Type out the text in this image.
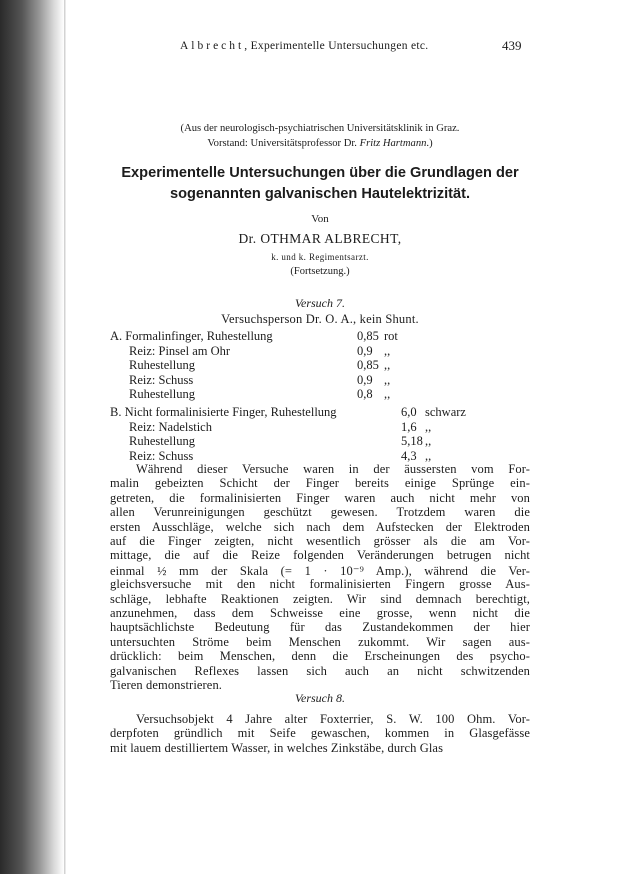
Albrecht, Experimentelle Untersuchungen etc.	439
(Aus der neurologisch-psychiatrischen Universitätsklinik in Graz.
Vorstand: Universitätsprofessor Dr. Fritz Hartmann.)
Experimentelle Untersuchungen über die Grundlagen der
sogenannten galvanischen Hautelektrizität.
Von
Dr. OTHMAR ALBRECHT,
k. und k. Regimentsarzt.
(Fortsetzung.)
Versuch 7.
Versuchsperson Dr. O. A., kein Shunt.
A. Formalinfinger, Ruhestellung	0,85 rot
Reiz: Pinsel am Ohr	0,9 ,,
Ruhestellung	0,85 ,,
Reiz: Schuss	0,9 ,,
Ruhestellung	0,8 ,,
B. Nicht formalinisierte Finger, Ruhestellung	6,0 schwarz
Reiz: Nadelstich	1,6 ,,
Ruhestellung	5,18 ,,
Reiz: Schuss	4,3 ,,
Während dieser Versuche waren in der äussersten vom For-
malin gebeizten Schicht der Finger bereits einige Sprünge ein-
getreten, die formalinisierten Finger waren auch nicht mehr von
allen Verunreinigungen geschützt gewesen. Trotzdem waren die
ersten Ausschläge, welche sich nach dem Aufstecken der Elektroden
auf die Finger zeigten, nicht wesentlich grösser als die am Vor-
mittage, die auf die Reize folgenden Veränderungen betrugen nicht
einmal ½ mm der Skala (= 1 · 10⁻⁹ Amp.), während die Ver-
gleichsversuche mit den nicht formalinisierten Fingern grosse Aus-
schläge, lebhafte Reaktionen zeigten. Wir sind demnach berechtigt,
anzunehmen, dass dem Schweisse eine grosse, wenn nicht die
hauptsächlichste Bedeutung für das Zustandekommen der hier
untersuchten Ströme beim Menschen zukommt. Wir sagen aus-
drücklich: beim Menschen, denn die Erscheinungen des psycho-
galvanischen Reflexes lassen sich auch an nicht schwitzenden
Tieren demonstrieren.
Versuch 8.
Versuchsobjekt 4 Jahre alter Foxterrier, S. W. 100 Ohm. Vor-
derpfoten gründlich mit Seife gewaschen, kommen in Glasgefässe
mit lauem destilliertem Wasser, in welches Zinkstäbe, durch Glas
